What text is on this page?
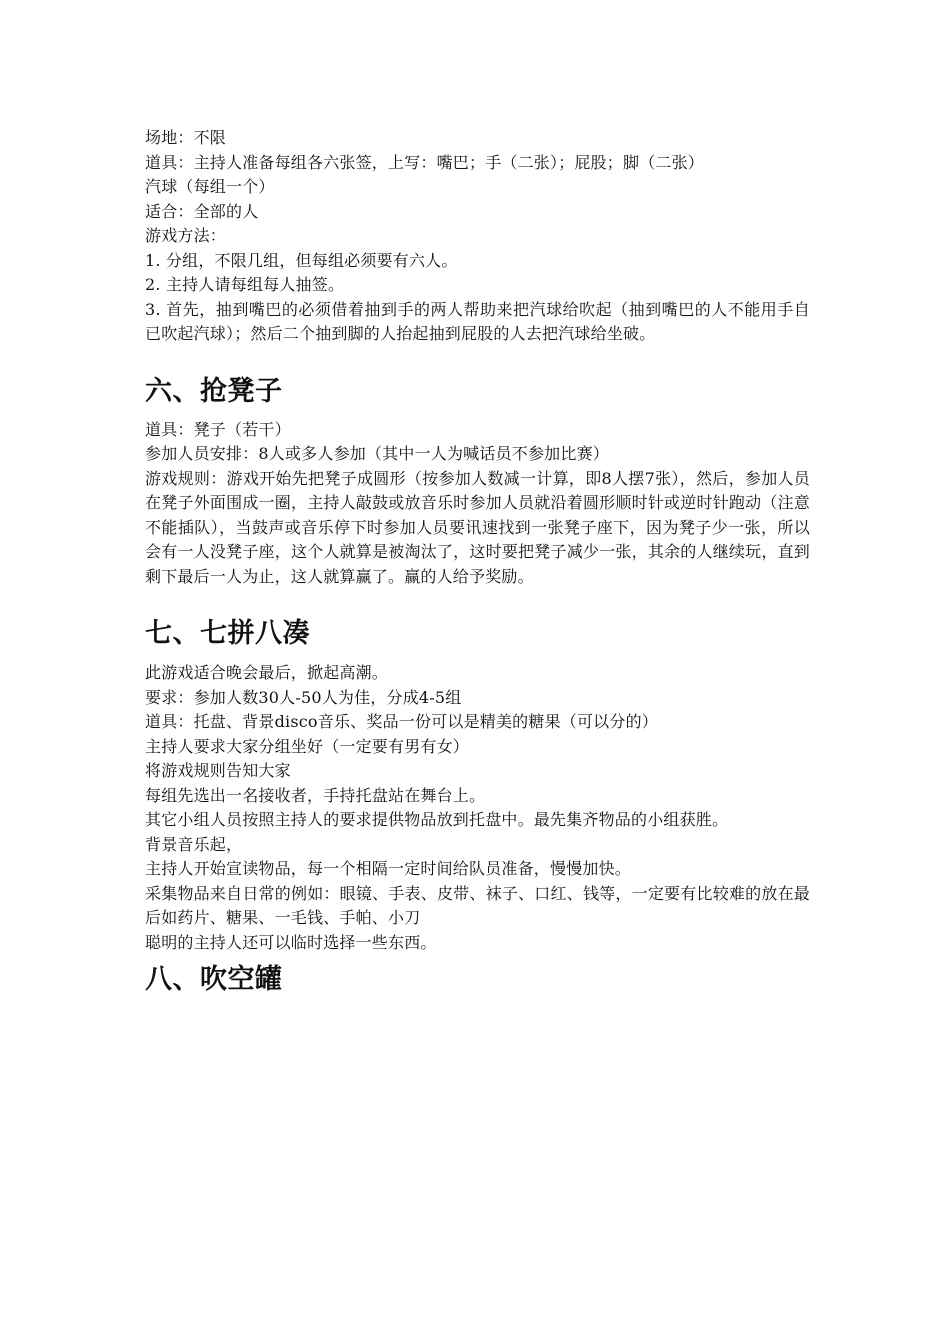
场地：不限

道具：主持人准备每组各六张签，上写：嘴巴；手（二张）；屁股；脚（二张）

汽球（每组一个）

适合：全部的人

游戏方法：

1. 分组，不限几组，但每组必须要有六人。

2. 主持人请每组每人抽签。

3. 首先，抽到嘴巴的必须借着抽到手的两人帮助来把汽球给吹起（抽到嘴巴的人不能用手自已吹起汽球）；然后二个抽到脚的人抬起抽到屁股的人去把汽球给坐破。

六、抢凳子

道具：凳子（若干）

参加人员安排：8人或多人参加（其中一人为喊话员不参加比赛）

游戏规则：游戏开始先把凳子成圆形（按参加人数减一计算，即8人摆7张），然后，参加人员在凳子外面围成一圈，主持人敲鼓或放音乐时参加人员就沿着圆形顺时针或逆时针跑动（注意不能插队），当鼓声或音乐停下时参加人员要讯速找到一张凳子座下，因为凳子少一张，所以会有一人没凳子座，这个人就算是被淘汰了，这时要把凳子减少一张，其余的人继续玩，直到剩下最后一人为止，这人就算赢了。赢的人给予奖励。

七、七拼八凑

此游戏适合晚会最后，掀起高潮。

要求：参加人数30人-50人为佳，分成4-5组

道具：托盘、背景disco音乐、奖品一份可以是精美的糖果（可以分的）

主持人要求大家分组坐好（一定要有男有女）

将游戏规则告知大家

每组先选出一名接收者，手持托盘站在舞台上。

其它小组人员按照主持人的要求提供物品放到托盘中。最先集齐物品的小组获胜。

背景音乐起，

主持人开始宣读物品，每一个相隔一定时间给队员准备，慢慢加快。

采集物品来自日常的例如：眼镜、手表、皮带、袜子、口红、钱等，一定要有比较难的放在最后如药片、糖果、一毛钱、手帕、小刀

聪明的主持人还可以临时选择一些东西。

八、吹空罐
